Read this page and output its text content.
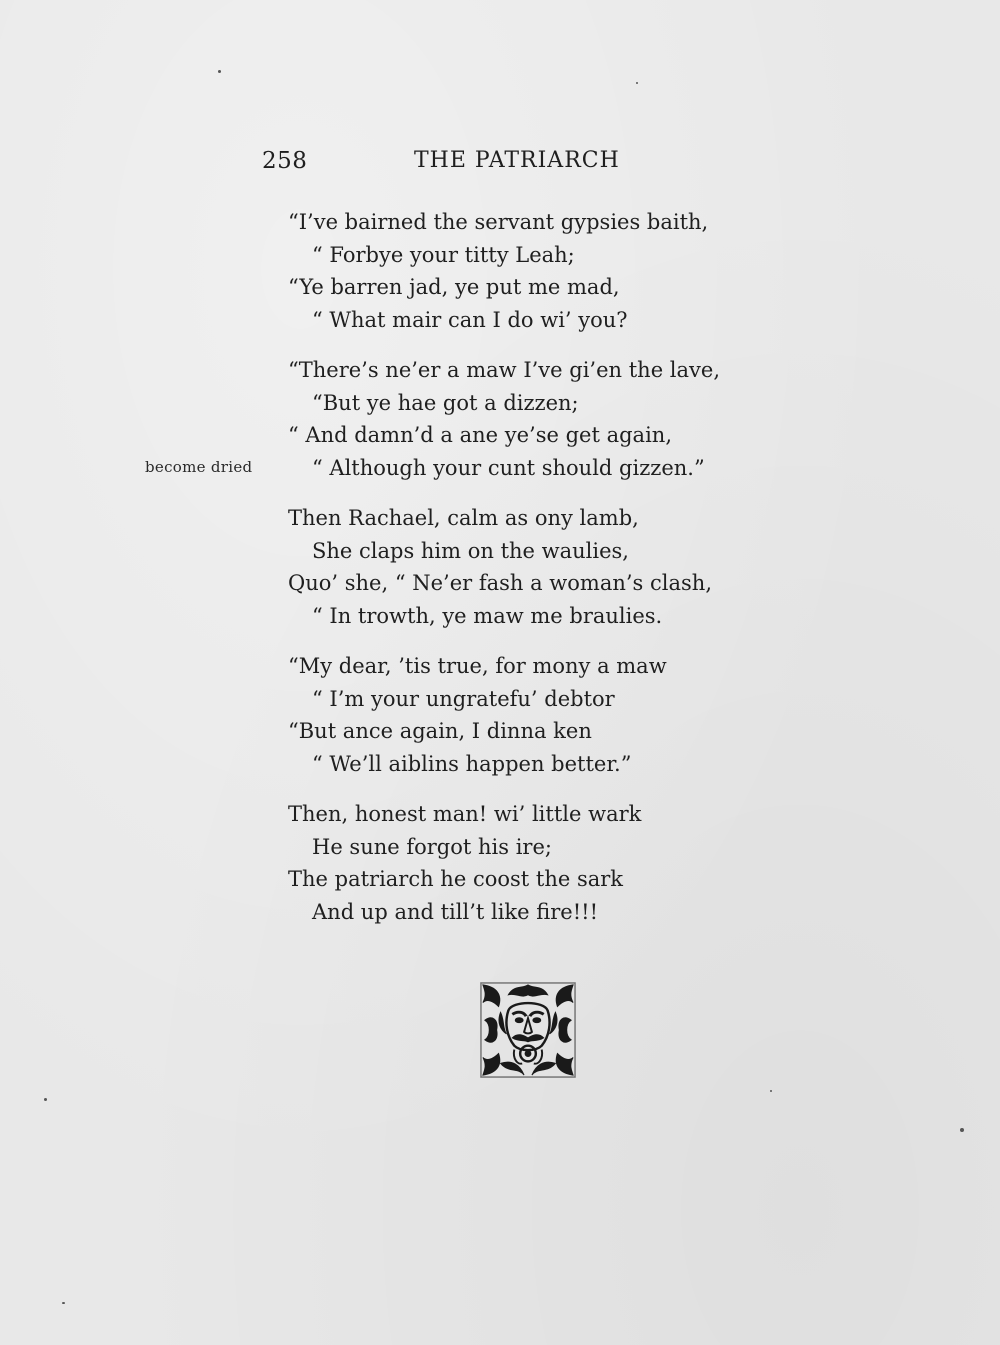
258	THE PATRIARCH
become dried
“I’ve bairned the servant gypsies baith,
“ Forbye your titty Leah;
“Ye barren jad, ye put me mad,
“ What mair can I do wi’ you?
“There’s ne’er a maw I’ve gi’en the lave,
“But ye hae got a dizzen;
“ And damn’d a ane ye’se get again,
“ Although your cunt should gizzen.”
Then Rachael, calm as ony lamb,
She claps him on the waulies,
Quo’ she, “ Ne’er fash a woman’s clash,
“ In trowth, ye maw me braulies.
“My dear, ’tis true, for mony a maw
“ I’m your ungratefu’ debtor
“But ance again, I dinna ken
“ We’ll aiblins happen better.”
Then, honest man! wi’ little wark
He sune forgot his ire;
The patriarch he coost the sark
And up and till’t like fire!!!
